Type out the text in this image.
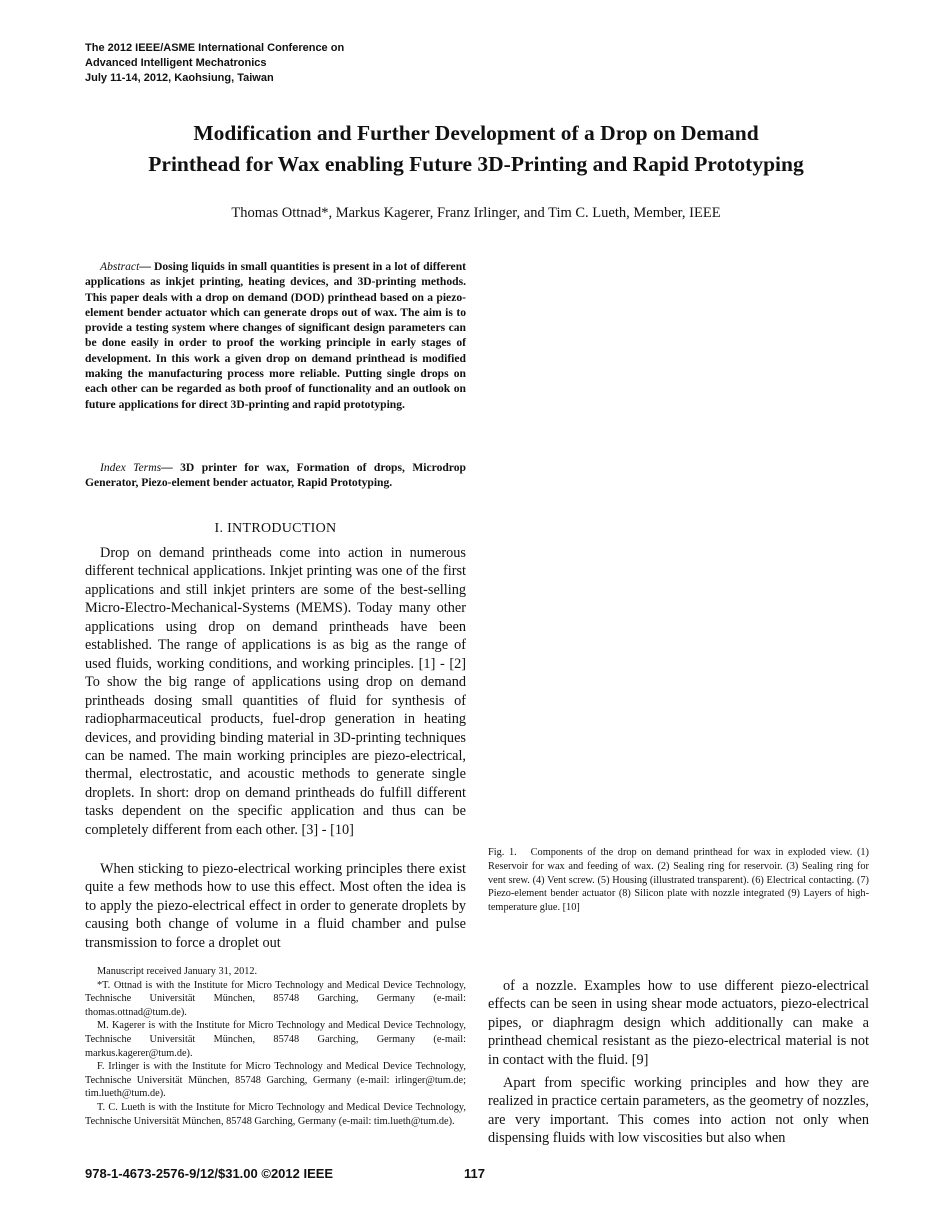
The 2012 IEEE/ASME International Conference on
Advanced Intelligent Mechatronics
July 11-14, 2012, Kaohsiung, Taiwan
Modification and Further Development of a Drop on Demand
Printhead for Wax enabling Future 3D-Printing and Rapid Prototyping
Thomas Ottnad*, Markus Kagerer, Franz Irlinger, and Tim C. Lueth, Member, IEEE

Abstract— Dosing liquids in small quantities is present in a lot of different applications as inkjet printing, heating devices, and 3D-printing methods. This paper deals with a drop on demand (DOD) printhead based on a piezo-element bender actuator which can generate drops out of wax. The aim is to provide a testing system where changes of significant design parameters can be done easily in order to proof the working principle in early stages of development. In this work a given drop on demand printhead is modified making the manufacturing process more reliable. Putting single drops on each other can be regarded as both proof of functionality and an outlook on future applications for direct 3D-printing and rapid prototyping.

Index Terms— 3D printer for wax, Formation of drops, Microdrop Generator, Piezo-element bender actuator, Rapid Prototyping.

I. INTRODUCTION

Drop on demand printheads come into action in numerous different technical applications. Inkjet printing was one of the first applications and still inkjet printers are some of the best-selling Micro-Electro-Mechanical-Systems (MEMS). Today many other applications using drop on demand printheads have been established. The range of applications is as big as the range of used fluids, working conditions, and working principles. [1] - [2] To show the big range of applications using drop on demand printheads dosing small quantities of fluid for synthesis of radiopharmaceutical products, fuel-drop generation in heating devices, and providing binding material in 3D-printing techniques can be named. The main working principles are piezo-electrical, thermal, electrostatic, and acoustic methods to generate single droplets. In short: drop on demand printheads do fulfill different tasks dependent on the specific application and thus can be completely different from each other. [3] - [10]

When sticking to piezo-electrical working principles there exist quite a few methods how to use this effect. Most often the idea is to apply the piezo-electrical effect in order to generate droplets by causing both change of volume in a fluid chamber and pulse transmission to force a droplet out

Fig. 1. Components of the drop on demand printhead for wax in exploded view. (1) Reservoir for wax and feeding of wax. (2) Sealing ring for reservoir. (3) Sealing ring for vent srew. (4) Vent screw. (5) Housing (illustrated transparent). (6) Electrical contacting. (7) Piezo-element bender actuator (8) Silicon plate with nozzle integrated (9) Layers of high-temperature glue. [10]

Manuscript received January 31, 2012.

*T. Ottnad is with the Institute for Micro Technology and Medical Device Technology, Technische Universität München, 85748 Garching, Germany (e-mail: thomas.ottnad@tum.de).

M. Kagerer is with the Institute for Micro Technology and Medical Device Technology, Technische Universität München, 85748 Garching, Germany (e-mail: markus.kagerer@tum.de).

F. Irlinger is with the Institute for Micro Technology and Medical Device Technology, Technische Universität München, 85748 Garching, Germany (e-mail: irlinger@tum.de; tim.lueth@tum.de).

T. C. Lueth is with the Institute for Micro Technology and Medical Device Technology, Technische Universität München, 85748 Garching, Germany (e-mail: tim.lueth@tum.de).

of a nozzle. Examples how to use different piezo-electrical effects can be seen in using shear mode actuators, piezo-electrical pipes, or diaphragm design which additionally can make a printhead chemical resistant as the piezo-electrical material is not in contact with the fluid. [9]

Apart from specific working principles and how they are realized in practice certain parameters, as the geometry of nozzles, are very important. This comes into action not only when dispensing fluids with low viscosities but also when

978-1-4673-2576-9/12/$31.00 ©2012 IEEE	117
